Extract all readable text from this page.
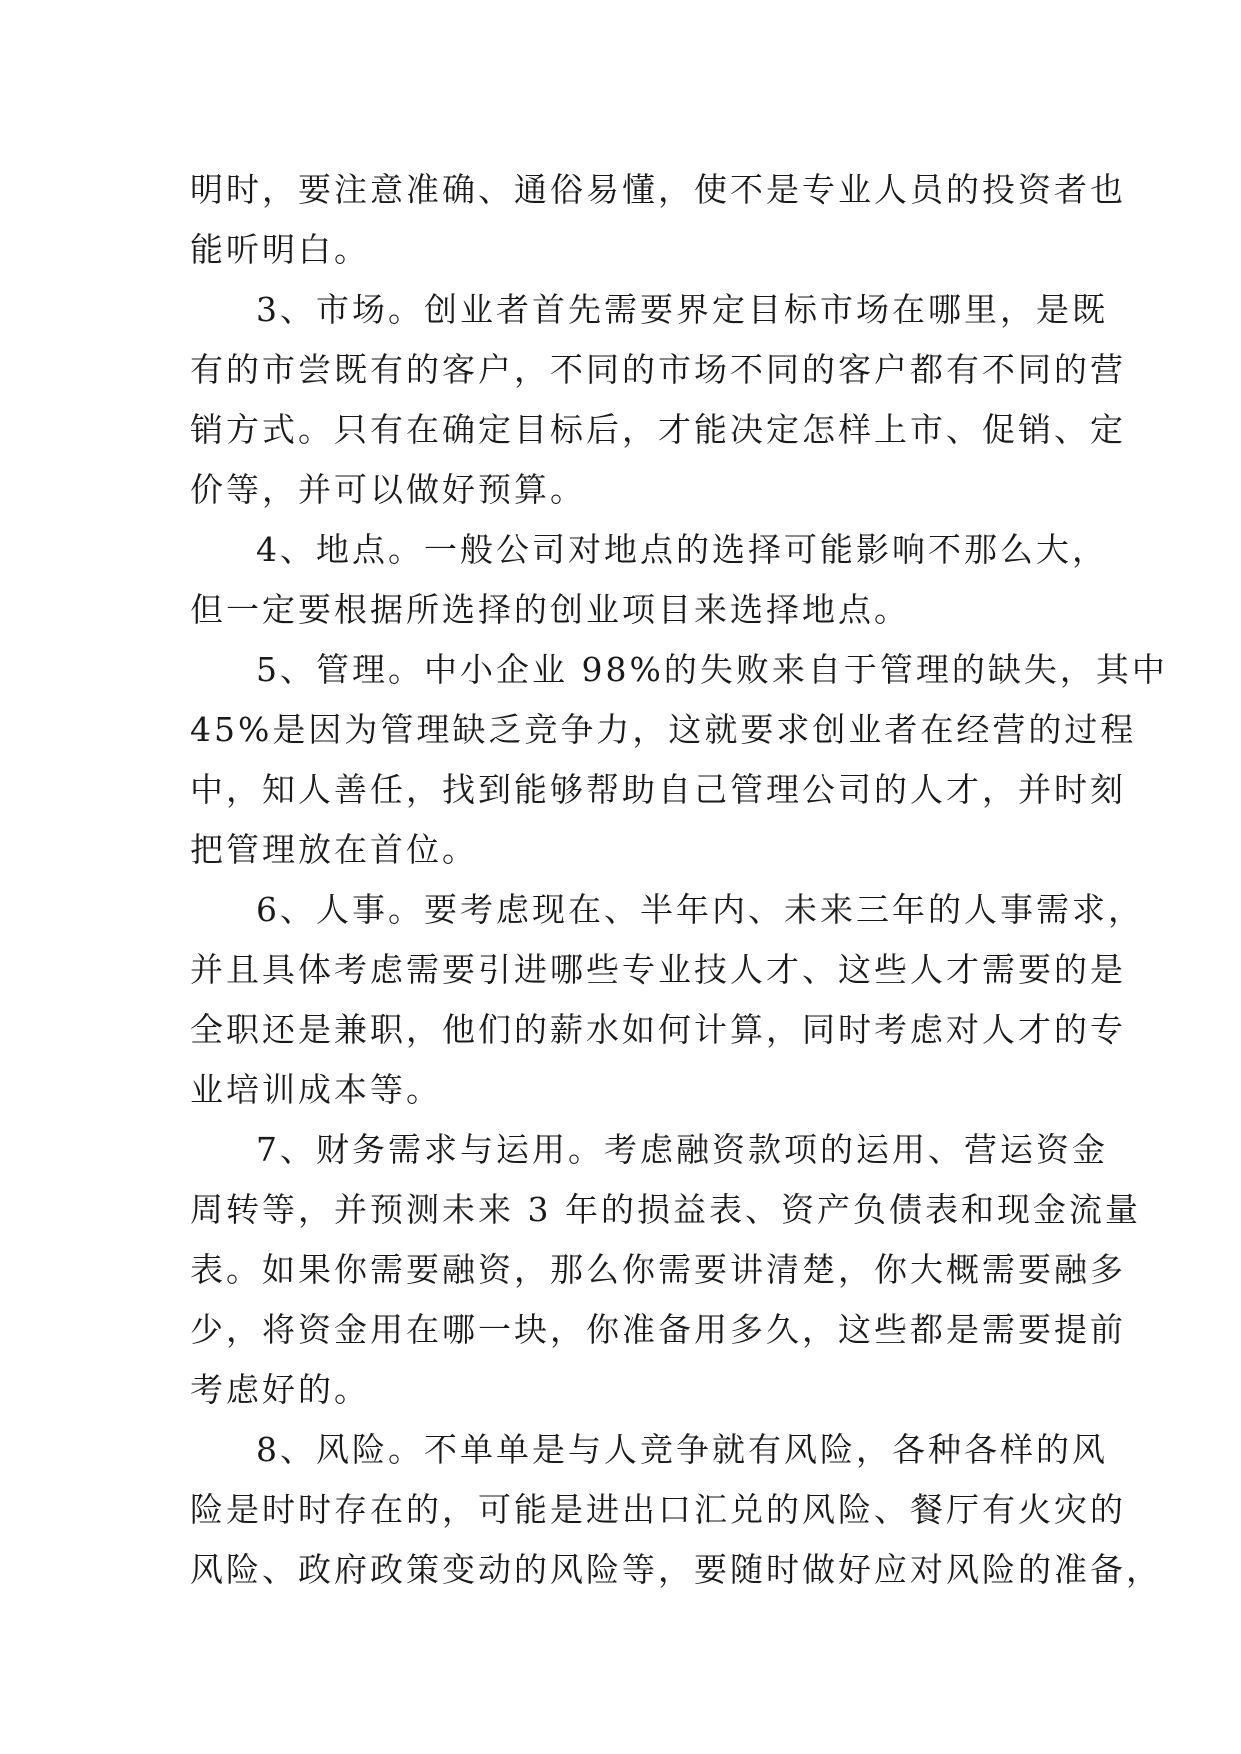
明时，要注意准确、通俗易懂，使不是专业人员的投资者也
能听明白。
3、市场。创业者首先需要界定目标市场在哪里，是既
有的市尝既有的客户，不同的市场不同的客户都有不同的营
销方式。只有在确定目标后，才能决定怎样上市、促销、定
价等，并可以做好预算。
4、地点。一般公司对地点的选择可能影响不那么大，
但一定要根据所选择的创业项目来选择地点。
5、管理。中小企业 98%的失败来自于管理的缺失，其中
45%是因为管理缺乏竞争力，这就要求创业者在经营的过程
中，知人善任，找到能够帮助自己管理公司的人才，并时刻
把管理放在首位。
6、人事。要考虑现在、半年内、未来三年的人事需求，
并且具体考虑需要引进哪些专业技人才、这些人才需要的是
全职还是兼职，他们的薪水如何计算，同时考虑对人才的专
业培训成本等。
7、财务需求与运用。考虑融资款项的运用、营运资金
周转等，并预测未来 3 年的损益表、资产负债表和现金流量
表。如果你需要融资，那么你需要讲清楚，你大概需要融多
少，将资金用在哪一块，你准备用多久，这些都是需要提前
考虑好的。
8、风险。不单单是与人竞争就有风险，各种各样的风
险是时时存在的，可能是进出口汇兑的风险、餐厅有火灾的
风险、政府政策变动的风险等，要随时做好应对风险的准备，
